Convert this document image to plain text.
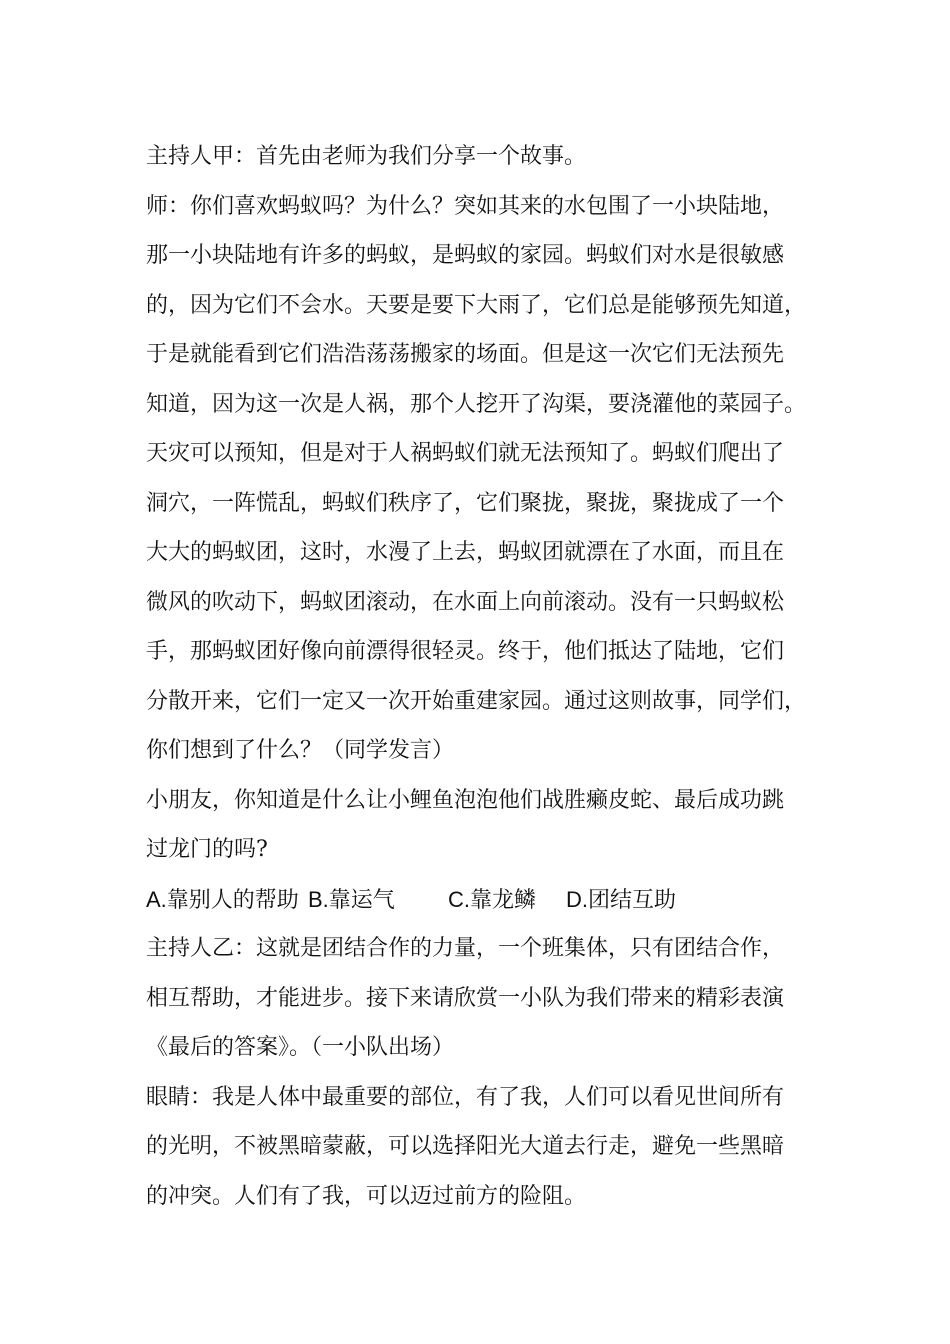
主持人甲：首先由老师为我们分享一个故事。
师：你们喜欢蚂蚁吗？为什么？突如其来的水包围了一小块陆地，
那一小块陆地有许多的蚂蚁，是蚂蚁的家园。蚂蚁们对水是很敏感
的，因为它们不会水。天要是要下大雨了，它们总是能够预先知道，
于是就能看到它们浩浩荡荡搬家的场面。但是这一次它们无法预先
知道，因为这一次是人祸，那个人挖开了沟渠，要浇灌他的菜园子。
天灾可以预知，但是对于人祸蚂蚁们就无法预知了。蚂蚁们爬出了
洞穴，一阵慌乱，蚂蚁们秩序了，它们聚拢，聚拢，聚拢成了一个
大大的蚂蚁团，这时，水漫了上去，蚂蚁团就漂在了水面，而且在
微风的吹动下，蚂蚁团滚动，在水面上向前滚动。没有一只蚂蚁松
手，那蚂蚁团好像向前漂得很轻灵。终于，他们抵达了陆地，它们
分散开来，它们一定又一次开始重建家园。通过这则故事，同学们，
你们想到了什么？（同学发言）
小朋友，你知道是什么让小鲤鱼泡泡他们战胜癞皮蛇、最后成功跳
过龙门的吗?
A.靠别人的帮助 B.靠运气	C.靠龙鳞	D.团结互助
主持人乙：这就是团结合作的力量，一个班集体，只有团结合作，
相互帮助，才能进步。接下来请欣赏一小队为我们带来的精彩表演
《最后的答案》。（一小队出场）
眼睛：我是人体中最重要的部位，有了我，人们可以看见世间所有
的光明，不被黑暗蒙蔽，可以选择阳光大道去行走，避免一些黑暗
的冲突。人们有了我，可以迈过前方的险阻。
